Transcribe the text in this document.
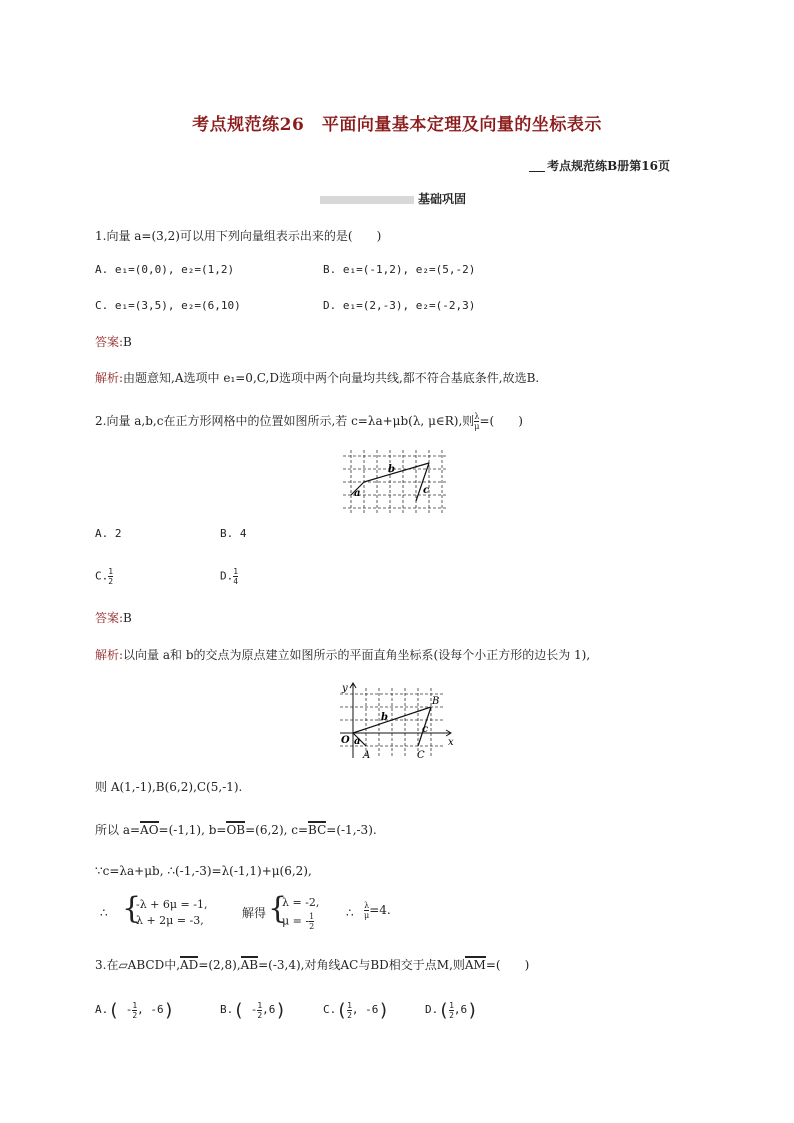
考点规范练26　平面向量基本定理及向量的坐标表示
考点规范练B册第16页
基础巩固
1.向量 a=(3,2)可以用下列向量组表示出来的是(　　)
A. e₁=(0,0), e₂=(1,2)	B. e₁=(-1,2), e₂=(5,-2)
C. e₁=(3,5), e₂=(6,10)	D. e₁=(2,-3), e₂=(-2,3)
答案:B
解析:由题意知,A选项中 e₁=0,C,D选项中两个向量均共线,都不符合基底条件,故选B.
2.向量 a,b,c在正方形网格中的位置如图所示,若 c=λa+μb(λ, μ∈R),则 $\frac{\lambda}{\mu}$ =(　　)
a
b
c
A. 2	B. 4
C. $\frac{1}{2}$	D. $\frac{1}{4}$
答案:B
解析:以向量 a和 b的交点为原点建立如图所示的平面直角坐标系(设每个小正方形的边长为 1),
y
x
O
A
B
C
a
b
c
则 A(1,-1),B(6,2),C(5,-1).
所以 a=AO=(-1,1), b=OB=(6,2), c=BC=(-1,-3).
∵c=λa+μb, ∴(-1,-3)=λ(-1,1)+μ(6,2),
∴ {
-λ + 6μ = -1,
λ + 2μ = -3,
解得 {
λ = -2,
μ = - $\frac{1}{2}$	∴ $\frac{\lambda}{\mu} =4$.
3.在▱ABCD中,AD=(2,8),AB=(-3,4),对角线AC与BD相交于点M,则AM=(　　)
$A.( - \frac{1}{2}$ , -6)	$B.( - \frac{1}{2} ,6)$	$C.( \frac{1}{2}$ , -6)	$D.( \frac{1}{2} ,6)$
